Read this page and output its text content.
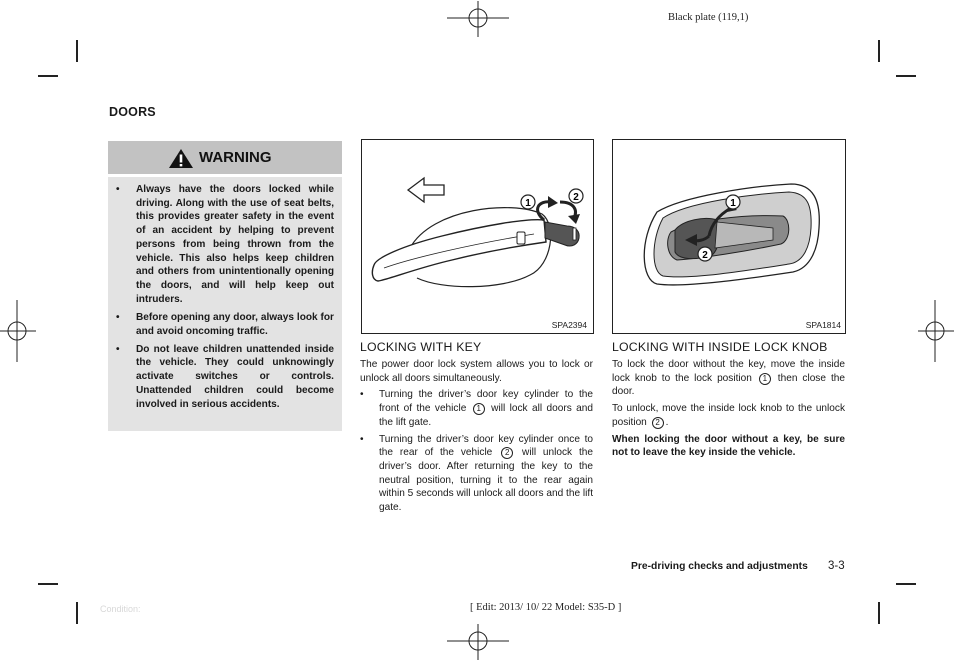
Black plate (119,1)
DOORS
WARNING
• Always have the doors locked while driving. Along with the use of seat belts, this provides greater safety in the event of an accident by helping to prevent persons from being thrown from the vehicle. This also helps keep children and others from unintentionally opening the doors, and will help keep out intruders.
• Before opening any door, always look for and avoid oncoming traffic.
• Do not leave children unattended inside the vehicle. They could unknowingly activate switches or controls. Unattended children could become involved in serious accidents.
1
2
SPA2394
1
2
SPA1814
LOCKING WITH KEY

The power door lock system allows you to lock or unlock all doors simultaneously.

• Turning the driver’s door key cylinder to the front of the vehicle 1 will lock all doors and the lift gate.
• Turning the driver’s door key cylinder once to the rear of the vehicle 2 will unlock the driver’s door. After returning the key to the neutral position, turning it to the rear again within 5 seconds will unlock all doors and the lift gate.
LOCKING WITH INSIDE LOCK KNOB

To lock the door without the key, move the inside lock knob to the lock position 1 then close the door.

To unlock, move the inside lock knob to the unlock position 2 .

When locking the door without a key, be sure not to leave the key inside the vehicle.

Pre-driving checks and adjustments 3-3
Condition:	[ Edit: 2013/ 10/ 22 Model: S35-D ]
